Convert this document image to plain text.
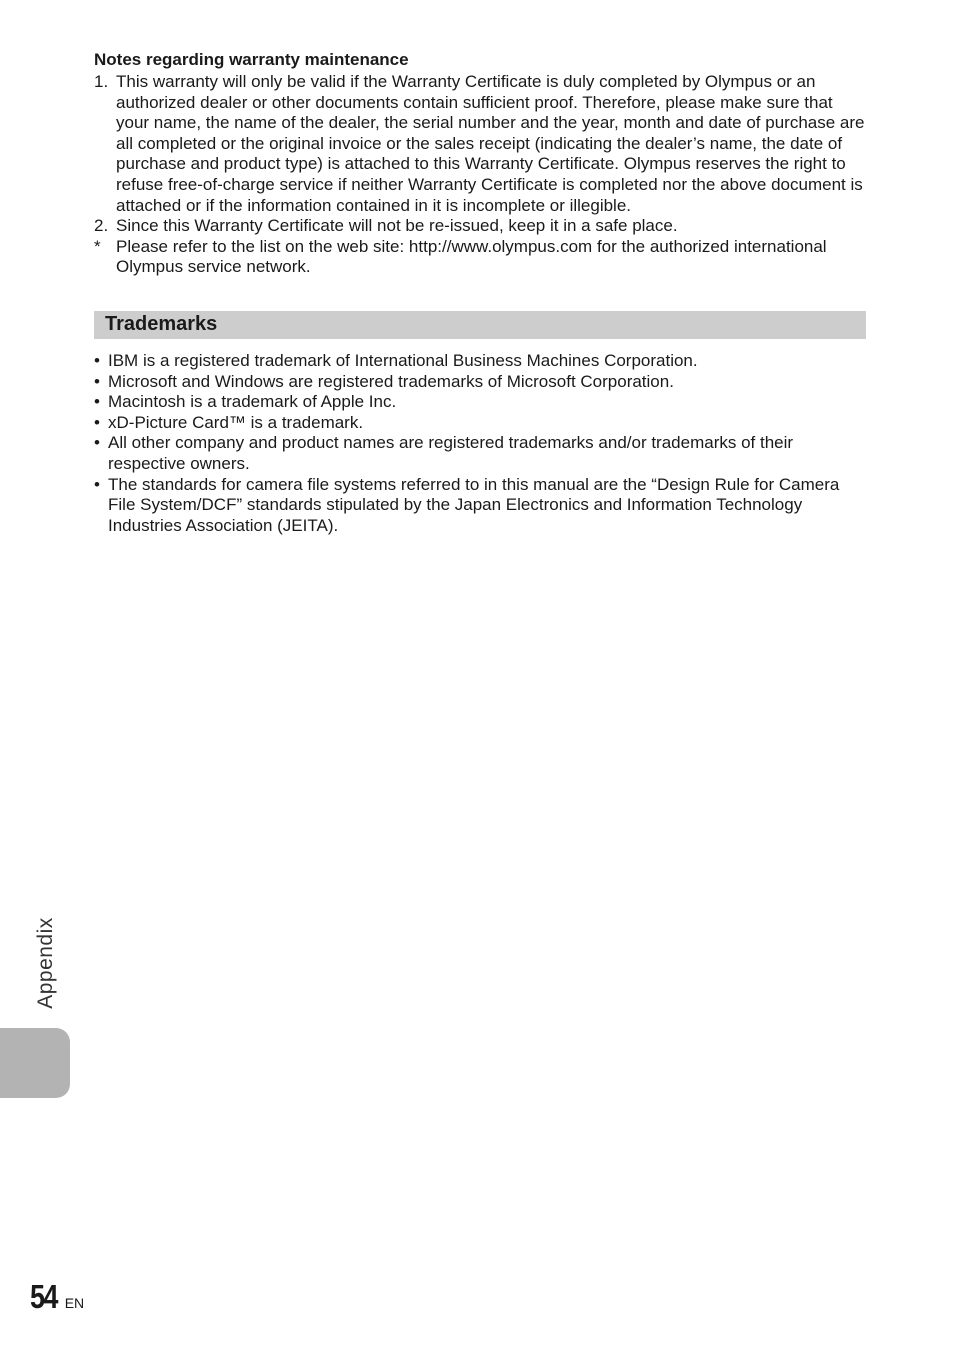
Notes regarding warranty maintenance
1. This warranty will only be valid if the Warranty Certificate is duly completed by Olympus or an authorized dealer or other documents contain sufficient proof. Therefore, please make sure that your name, the name of the dealer, the serial number and the year, month and date of purchase are all completed or the original invoice or the sales receipt (indicating the dealer’s name, the date of purchase and product type) is attached to this Warranty Certificate. Olympus reserves the right to refuse free-of-charge service if neither Warranty Certificate is completed nor the above document is attached or if the information contained in it is incomplete or illegible.
2. Since this Warranty Certificate will not be re-issued, keep it in a safe place.
* Please refer to the list on the web site: http://www.olympus.com for the authorized international Olympus service network.
Trademarks
• IBM is a registered trademark of International Business Machines Corporation.
• Microsoft and Windows are registered trademarks of Microsoft Corporation.
• Macintosh is a trademark of Apple Inc.
• xD-Picture Card™ is a trademark.
• All other company and product names are registered trademarks and/or trademarks of their respective owners.
• The standards for camera file systems referred to in this manual are the “Design Rule for Camera File System/DCF” standards stipulated by the Japan Electronics and Information Technology Industries Association (JEITA).
Appendix
54 EN
